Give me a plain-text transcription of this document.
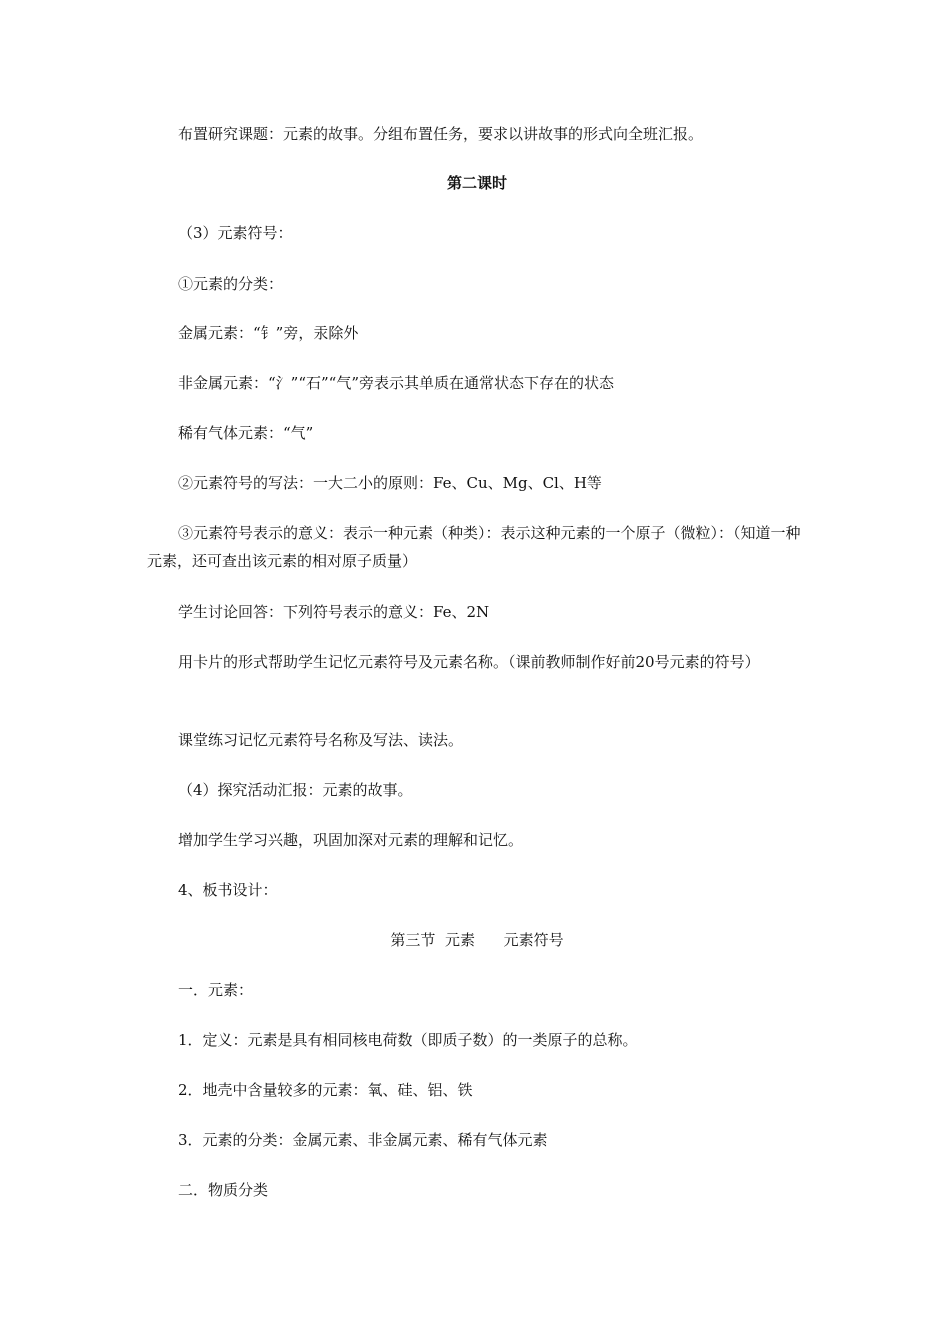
布置研究课题：元素的故事。分组布置任务，要求以讲故事的形式向全班汇报。
第二课时
（3）元素符号：
①元素的分类：
金属元素：“钅”旁，汞除外
非金属元素：“氵”“石”“气”旁表示其单质在通常状态下存在的状态
稀有气体元素：“气”
②元素符号的写法：一大二小的原则：Fe、Cu、Mg、Cl、H等
③元素符号表示的意义：表示一种元素（种类）：表示这种元素的一个原子（微粒）：（知道一种元素，还可查出该元素的相对原子质量）
学生讨论回答：下列符号表示的意义：Fe、2N
用卡片的形式帮助学生记忆元素符号及元素名称。（课前教师制作好前20号元素的符号）
课堂练习记忆元素符号名称及写法、读法。
（4）探究活动汇报：元素的故事。
增加学生学习兴趣，巩固加深对元素的理解和记忆。
4、板书设计：
第三节  元素      元素符号
一．元素：
1．定义：元素是具有相同核电荷数（即质子数）的一类原子的总称。
2．地壳中含量较多的元素：氧、硅、铝、铁
3．元素的分类：金属元素、非金属元素、稀有气体元素
二．物质分类
